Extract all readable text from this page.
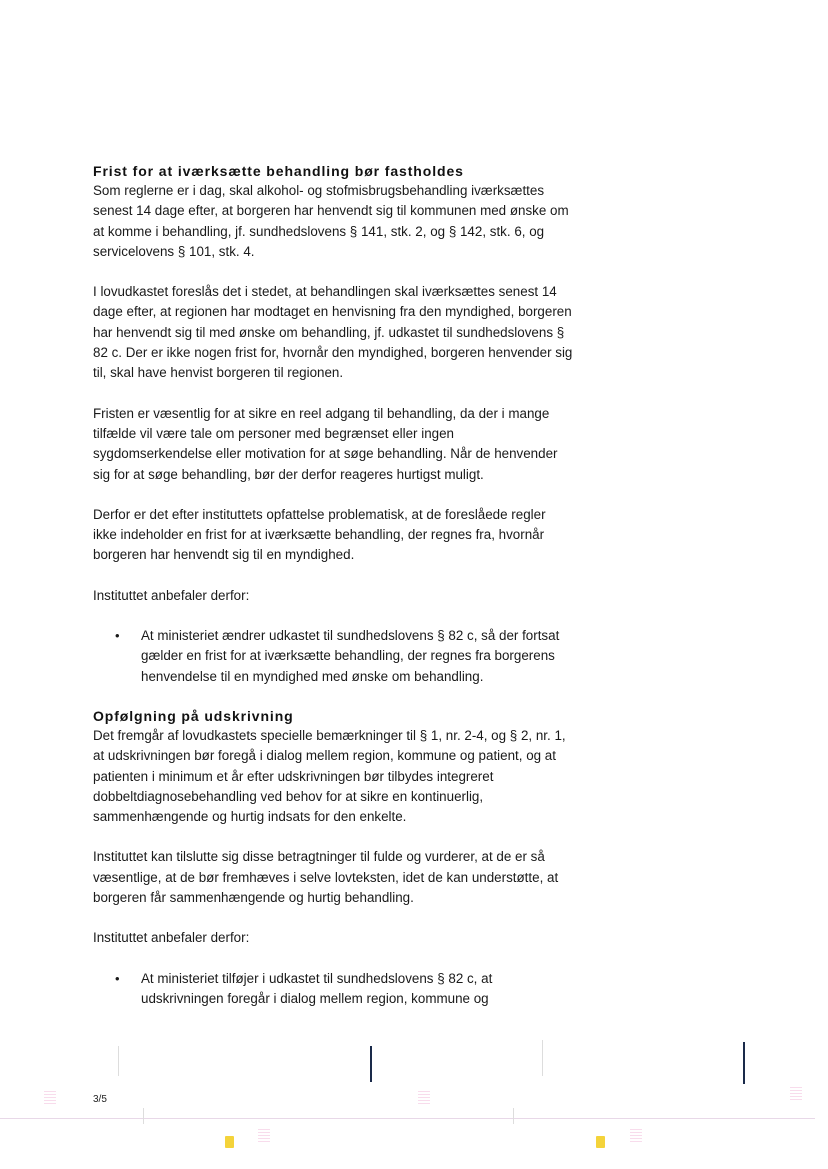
Frist for at iværksætte behandling bør fastholdes

Som reglerne er i dag, skal alkohol- og stofmisbrugsbehandling iværksættes senest 14 dage efter, at borgeren har henvendt sig til kommunen med ønske om at komme i behandling, jf. sundhedslovens § 141, stk. 2, og § 142, stk. 6, og servicelovens § 101, stk. 4.

I lovudkastet foreslås det i stedet, at behandlingen skal iværksættes senest 14 dage efter, at regionen har modtaget en henvisning fra den myndighed, borgeren har henvendt sig til med ønske om behandling, jf. udkastet til sundhedslovens § 82 c. Der er ikke nogen frist for, hvornår den myndighed, borgeren henvender sig til, skal have henvist borgeren til regionen.

Fristen er væsentlig for at sikre en reel adgang til behandling, da der i mange tilfælde vil være tale om personer med begrænset eller ingen sygdomserkendelse eller motivation for at søge behandling. Når de henvender sig for at søge behandling, bør der derfor reageres hurtigst muligt.

Derfor er det efter instituttets opfattelse problematisk, at de foreslåede regler ikke indeholder en frist for at iværksætte behandling, der regnes fra, hvornår borgeren har henvendt sig til en myndighed.

Instituttet anbefaler derfor:

• At ministeriet ændrer udkastet til sundhedslovens § 82 c, så der fortsat gælder en frist for at iværksætte behandling, der regnes fra borgerens henvendelse til en myndighed med ønske om behandling.
Opfølgning på udskrivning

Det fremgår af lovudkastets specielle bemærkninger til § 1, nr. 2-4, og § 2, nr. 1, at udskrivningen bør foregå i dialog mellem region, kommune og patient, og at patienten i minimum et år efter udskrivningen bør tilbydes integreret dobbeltdiagnosebehandling ved behov for at sikre en kontinuerlig, sammenhængende og hurtig indsats for den enkelte.

Instituttet kan tilslutte sig disse betragtninger til fulde og vurderer, at de er så væsentlige, at de bør fremhæves i selve lovteksten, idet de kan understøtte, at borgeren får sammenhængende og hurtig behandling.

Instituttet anbefaler derfor:

• At ministeriet tilføjer i udkastet til sundhedslovens § 82 c, at udskrivningen foregår i dialog mellem region, kommune og
3/5
